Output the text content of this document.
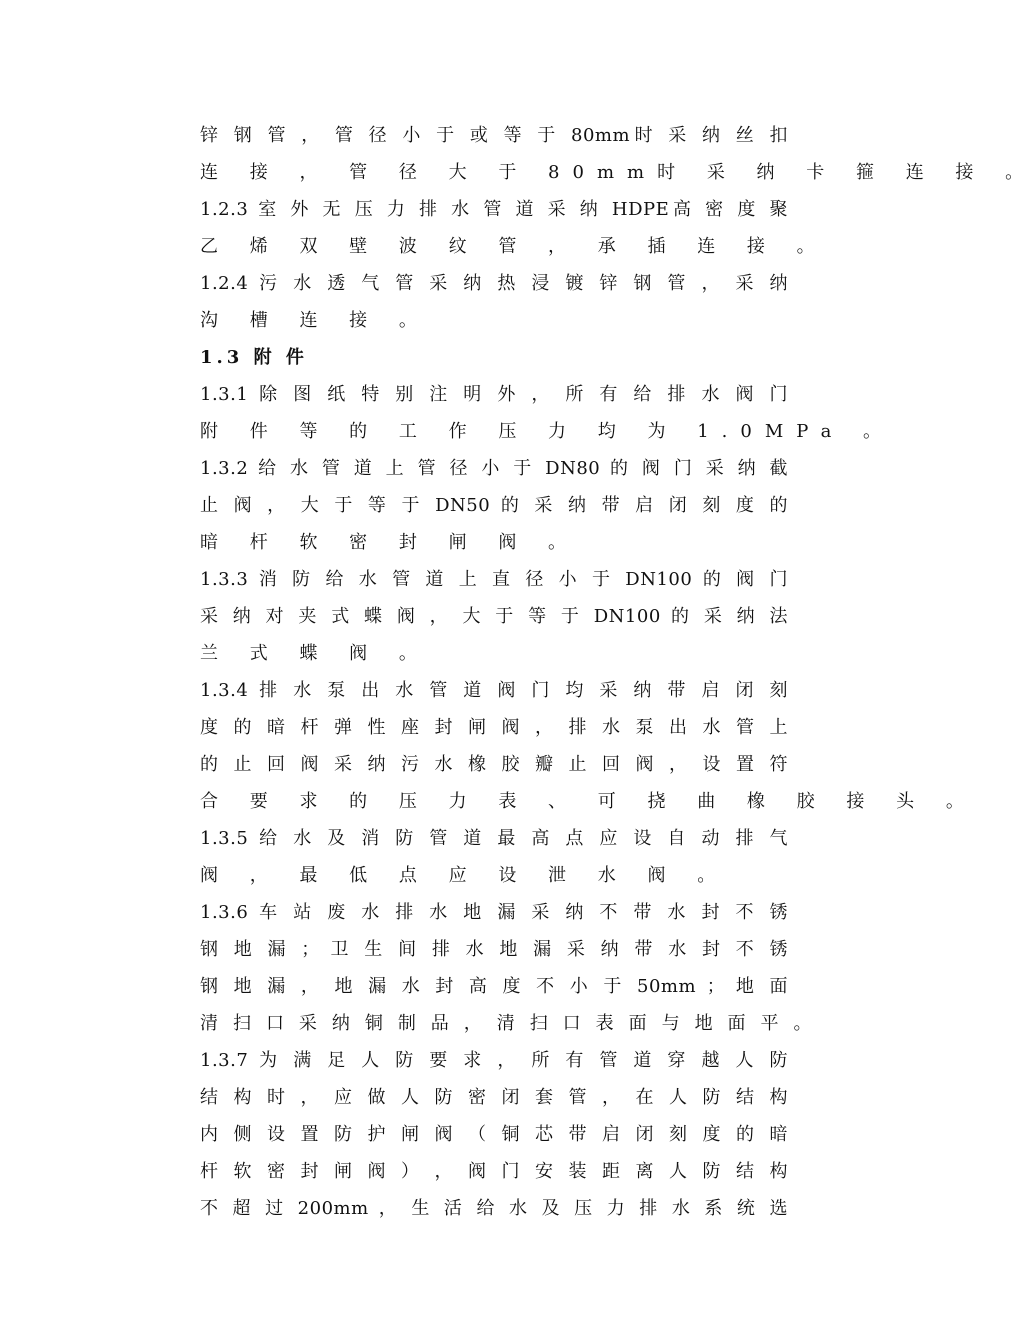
锌 钢 管 ， 管 径 小 于 或 等 于 80mm时 采 纳 丝 扣
连 接 ， 管 径 大 于 80mm时 采 纳 卡 箍 连 接 。
1.2.3 室 外 无 压 力 排 水 管 道 采 纳 HDPE高 密 度 聚
乙 烯 双 壁 波 纹 管 ， 承 插 连 接 。
1.2.4 污 水 透 气 管 采 纳 热 浸 镀 锌 钢 管 ， 采 纳
沟 槽 连 接 。
1.3 附 件
1.3.1 除 图 纸 特 别 注 明 外 ， 所 有 给 排 水 阀 门
附 件 等 的 工 作 压 力 均 为 1.0MPa 。
1.3.2 给 水 管 道 上 管 径 小 于 DN80 的 阀 门 采 纳 截
止 阀 ， 大 于 等 于 DN50 的 采 纳 带 启 闭 刻 度 的
暗 杆 软 密 封 闸 阀 。
1.3.3 消 防 给 水 管 道 上 直 径 小 于 DN100 的 阀 门
采 纳 对 夹 式 蝶 阀 ， 大 于 等 于 DN100 的 采 纳 法
兰 式 蝶 阀 。
1.3.4 排 水 泵 出 水 管 道 阀 门 均 采 纳 带 启 闭 刻
度 的 暗 杆 弹 性 座 封 闸 阀 ， 排 水 泵 出 水 管 上
的 止 回 阀 采 纳 污 水 橡 胶 瓣 止 回 阀 ， 设 置 符
合 要 求 的 压 力 表 、 可 挠 曲 橡 胶 接 头 。
1.3.5 给 水 及 消 防 管 道 最 高 点 应 设 自 动 排 气
阀 ， 最 低 点 应 设 泄 水 阀 。
1.3.6 车 站 废 水 排 水 地 漏 采 纳 不 带 水 封 不 锈
钢 地 漏 ； 卫 生 间 排 水 地 漏 采 纳 带 水 封 不 锈
钢 地 漏 ， 地 漏 水 封 高 度 不 小 于 50mm ； 地 面
清 扫 口 采 纳 铜 制 品 ， 清 扫 口 表 面 与 地 面 平 。
1.3.7 为 满 足 人 防 要 求 ， 所 有 管 道 穿 越 人 防
结 构 时 ， 应 做 人 防 密 闭 套 管 ， 在 人 防 结 构
内 侧 设 置 防 护 闸 阀 （ 铜 芯 带 启 闭 刻 度 的 暗
杆 软 密 封 闸 阀 ） ， 阀 门 安 装 距 离 人 防 结 构
不 超 过 200mm ， 生 活 给 水 及 压 力 排 水 系 统 选
